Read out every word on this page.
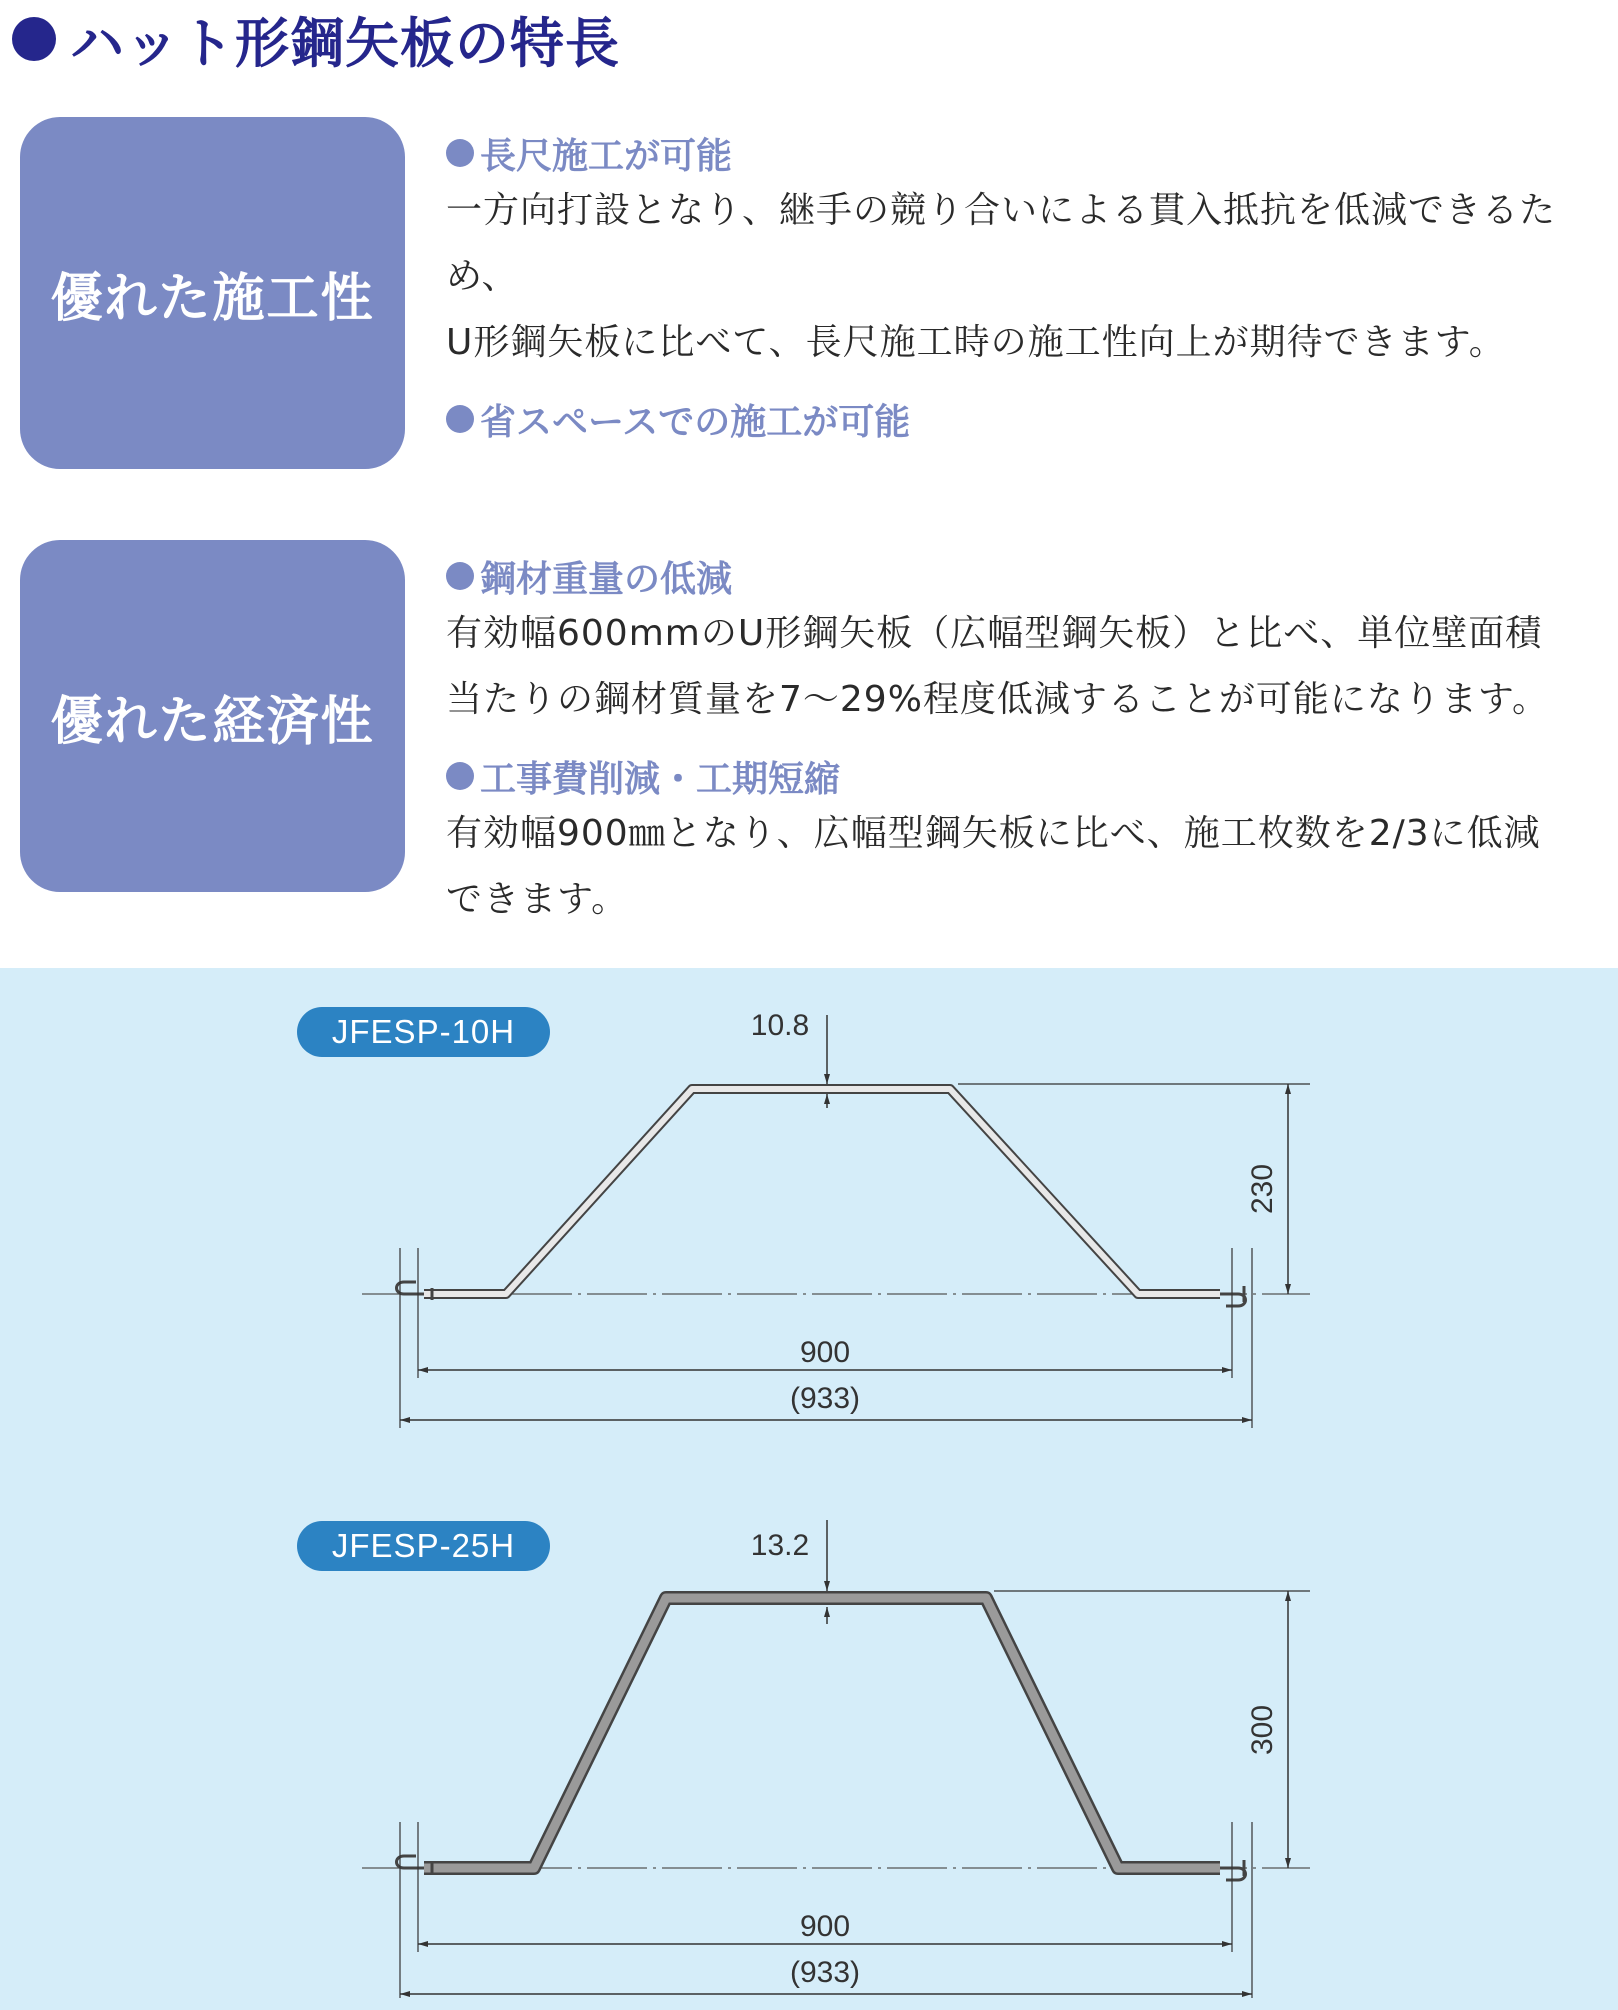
ハット形鋼矢板の特長
優れた施工性
長尺施工が可能
一方向打設となり、継手の競り合いによる貫入抵抗を低減できるため、
U形鋼矢板に比べて、長尺施工時の施工性向上が期待できます。
省スペースでの施工が可能
優れた経済性
鋼材重量の低減
有効幅600mmのU形鋼矢板（広幅型鋼矢板）と比べ、単位壁面積
当たりの鋼材質量を7～29%程度低減することが可能になります。
工事費削減・工期短縮
有効幅900㎜となり、広幅型鋼矢板に比べ、施工枚数を2/3に低減
できます。
JFESP-10H
JFESP-25H
10.8
230
900
(933)
13.2
300
900
(933)
